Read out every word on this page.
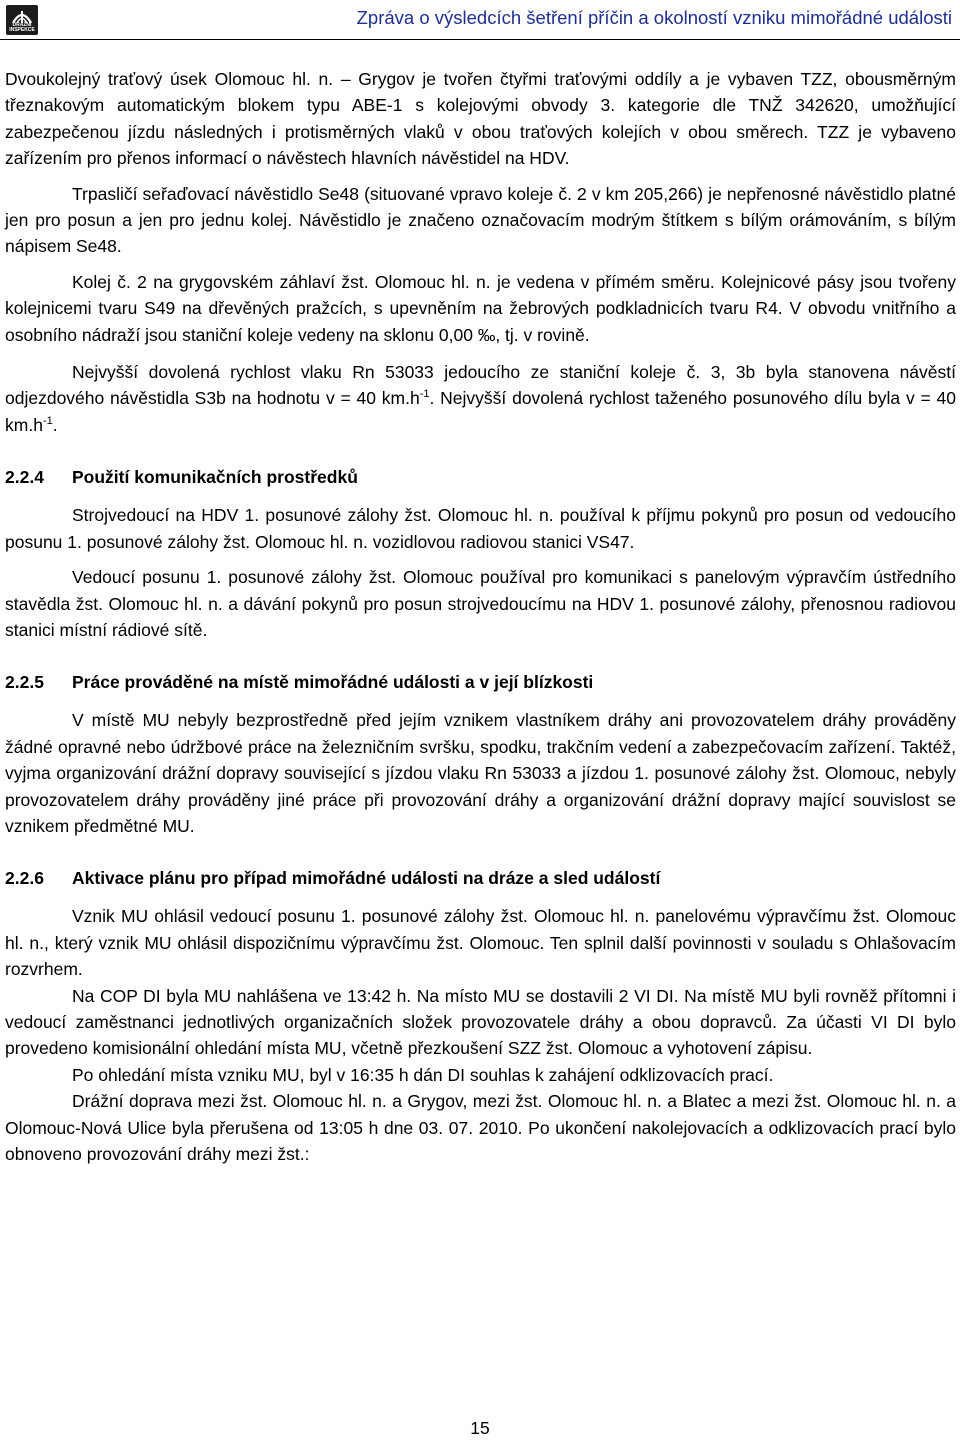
DRÁŽNÍ INSPEKCE
Zpráva o výsledcích šetření příčin a okolností vzniku mimořádné události

Dvoukolejný traťový úsek Olomouc hl. n. – Grygov je tvořen čtyřmi traťovými oddíly a je vybaven TZZ, obousměrným třeznakovým automatickým blokem typu ABE-1 s kolejovými obvody 3. kategorie dle TNŽ 342620, umožňující zabezpečenou jízdu následných i protisměrných vlaků v obou traťových kolejích v obou směrech. TZZ je vybaveno zařízením pro přenos informací o návěstech hlavních návěstidel na HDV.

Trpasličí seřaďovací návěstidlo Se48 (situované vpravo koleje č. 2 v km 205,266) je nepřenosné návěstidlo platné jen pro posun a jen pro jednu kolej. Návěstidlo je značeno označovacím modrým štítkem s bílým orámováním, s bílým nápisem Se48.

Kolej č. 2 na grygovském záhlaví žst. Olomouc hl. n. je vedena v přímém směru. Kolejnicové pásy jsou tvořeny kolejnicemi tvaru S49 na dřevěných pražcích, s upevněním na žebrových podkladnicích tvaru R4. V obvodu vnitřního a osobního nádraží jsou staniční koleje vedeny na sklonu 0,00 ‰, tj. v rovině.

Nejvyšší dovolená rychlost vlaku Rn 53033 jedoucího ze staniční koleje č. 3, 3b byla stanovena návěstí odjezdového návěstidla S3b na hodnotu v = 40 $km.h^{-1}$. Nejvyšší dovolená rychlost taženého posunového dílu byla v = 40 $km.h^{-1}$.

2.2.4 Použití komunikačních prostředků

Strojvedoucí na HDV 1. posunové zálohy žst. Olomouc hl. n. používal k příjmu pokynů pro posun od vedoucího posunu 1. posunové zálohy žst. Olomouc hl. n. vozidlovou radiovou stanici VS47.

Vedoucí posunu 1. posunové zálohy žst. Olomouc používal pro komunikaci s panelovým výpravčím ústředního stavědla žst. Olomouc hl. n. a dávání pokynů pro posun strojvedoucímu na HDV 1. posunové zálohy, přenosnou radiovou stanici místní rádiové sítě.

2.2.5 Práce prováděné na místě mimořádné události a v její blízkosti

V místě MU nebyly bezprostředně před jejím vznikem vlastníkem dráhy ani provozovatelem dráhy prováděny žádné opravné nebo údržbové práce na železničním svršku, spodku, trakčním vedení a zabezpečovacím zařízení. Taktéž, vyjma organizování drážní dopravy související s jízdou vlaku Rn 53033 a jízdou 1. posunové zálohy žst. Olomouc, nebyly provozovatelem dráhy prováděny jiné práce při provozování dráhy a organizování drážní dopravy mající souvislost se vznikem předmětné MU.

2.2.6 Aktivace plánu pro případ mimořádné události na dráze a sled událostí

Vznik MU ohlásil vedoucí posunu 1. posunové zálohy žst. Olomouc hl. n. panelovému výpravčímu žst. Olomouc hl. n., který vznik MU ohlásil dispozičnímu výpravčímu žst. Olomouc. Ten splnil další povinnosti v souladu s Ohlašovacím rozvrhem.

Na COP DI byla MU nahlášena ve 13:42 h. Na místo MU se dostavili 2 VI DI. Na místě MU byli rovněž přítomni i vedoucí zaměstnanci jednotlivých organizačních složek provozovatele dráhy a obou dopravců. Za účasti VI DI bylo provedeno komisionální ohledání místa MU, včetně přezkoušení SZZ žst. Olomouc a vyhotovení zápisu.

Po ohledání místa vzniku MU, byl v 16:35 h dán DI souhlas k zahájení odklizovacích prací.

Drážní doprava mezi žst. Olomouc hl. n. a Grygov, mezi žst. Olomouc hl. n. a Blatec a mezi žst. Olomouc hl. n. a Olomouc-Nová Ulice byla přerušena od 13:05 h dne 03. 07. 2010. Po ukončení nakolejovacích a odklizovacích prací bylo obnoveno provozování dráhy mezi žst.:

15
